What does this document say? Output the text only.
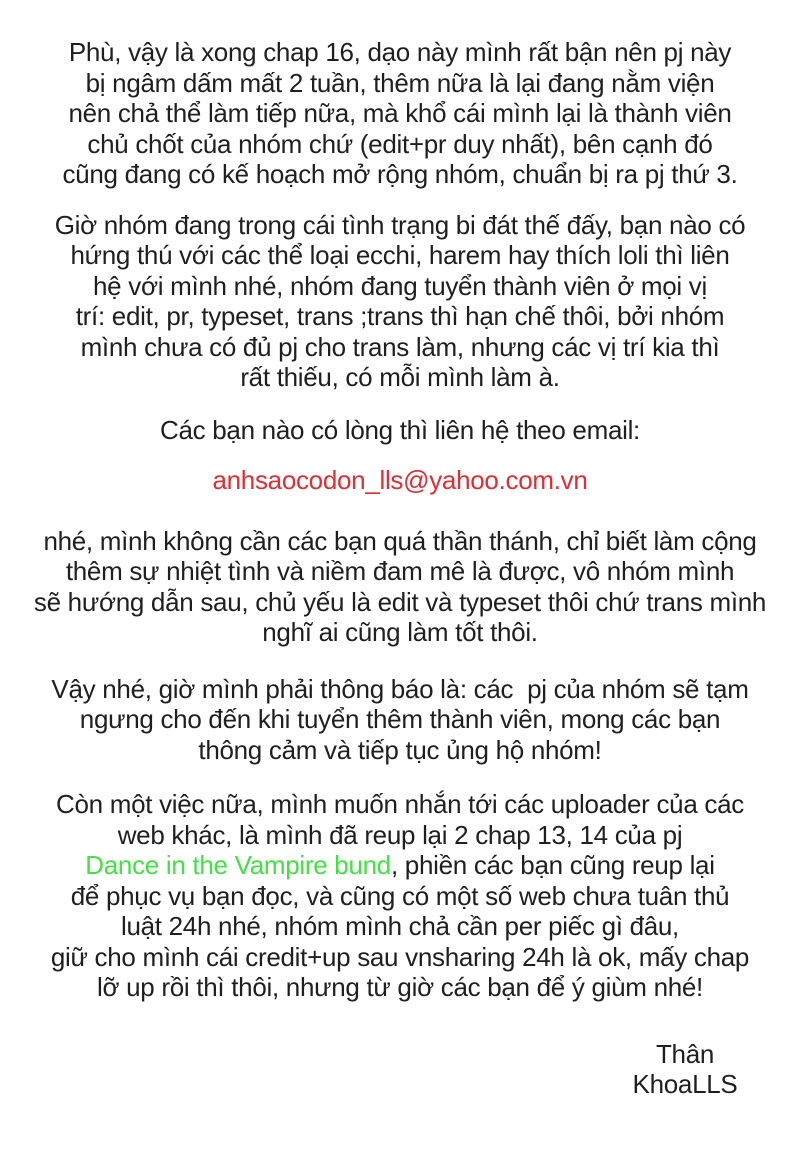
Phù, vậy là xong chap 16, dạo này mình rất bận nên pj này
bị ngâm dấm mất 2 tuần, thêm nữa là lại đang nằm viện
nên chả thể làm tiếp nữa, mà khổ cái mình lại là thành viên
chủ chốt của nhóm chứ (edit+pr duy nhất), bên cạnh đó
cũng đang có kế hoạch mở rộng nhóm, chuẩn bị ra pj thứ 3.
Giờ nhóm đang trong cái tình trạng bi đát thế đấy, bạn nào có
hứng thú với các thể loại ecchi, harem hay thích loli thì liên
hệ với mình nhé, nhóm đang tuyển thành viên ở mọi vị
trí: edit, pr, typeset, trans ;trans thì hạn chế thôi, bởi nhóm
mình chưa có đủ pj cho trans làm, nhưng các vị trí kia thì
rất thiếu, có mỗi mình làm à.
Các bạn nào có lòng thì liên hệ theo email:
anhsaocodon_lls@yahoo.com.vn
nhé, mình không cần các bạn quá thần thánh, chỉ biết làm cộng
thêm sự nhiệt tình và niềm đam mê là được, vô nhóm mình
sẽ hướng dẫn sau, chủ yếu là edit và typeset thôi chứ trans mình
nghĩ ai cũng làm tốt thôi.
Vậy nhé, giờ mình phải thông báo là: các  pj của nhóm sẽ tạm
ngưng cho đến khi tuyển thêm thành viên, mong các bạn
thông cảm và tiếp tục ủng hộ nhóm!
Còn một việc nữa, mình muốn nhắn tới các uploader của các
web khác, là mình đã reup lại 2 chap 13, 14 của pj
Dance in the Vampire bund, phiền các bạn cũng reup lại
để phục vụ bạn đọc, và cũng có một số web chưa tuân thủ
luật 24h nhé, nhóm mình chả cần per piếc gì đâu,
giữ cho mình cái credit+up sau vnsharing 24h là ok, mấy chap
lỡ up rồi thì thôi, nhưng từ giờ các bạn để ý giùm nhé!
Thân
KhoaLLS
